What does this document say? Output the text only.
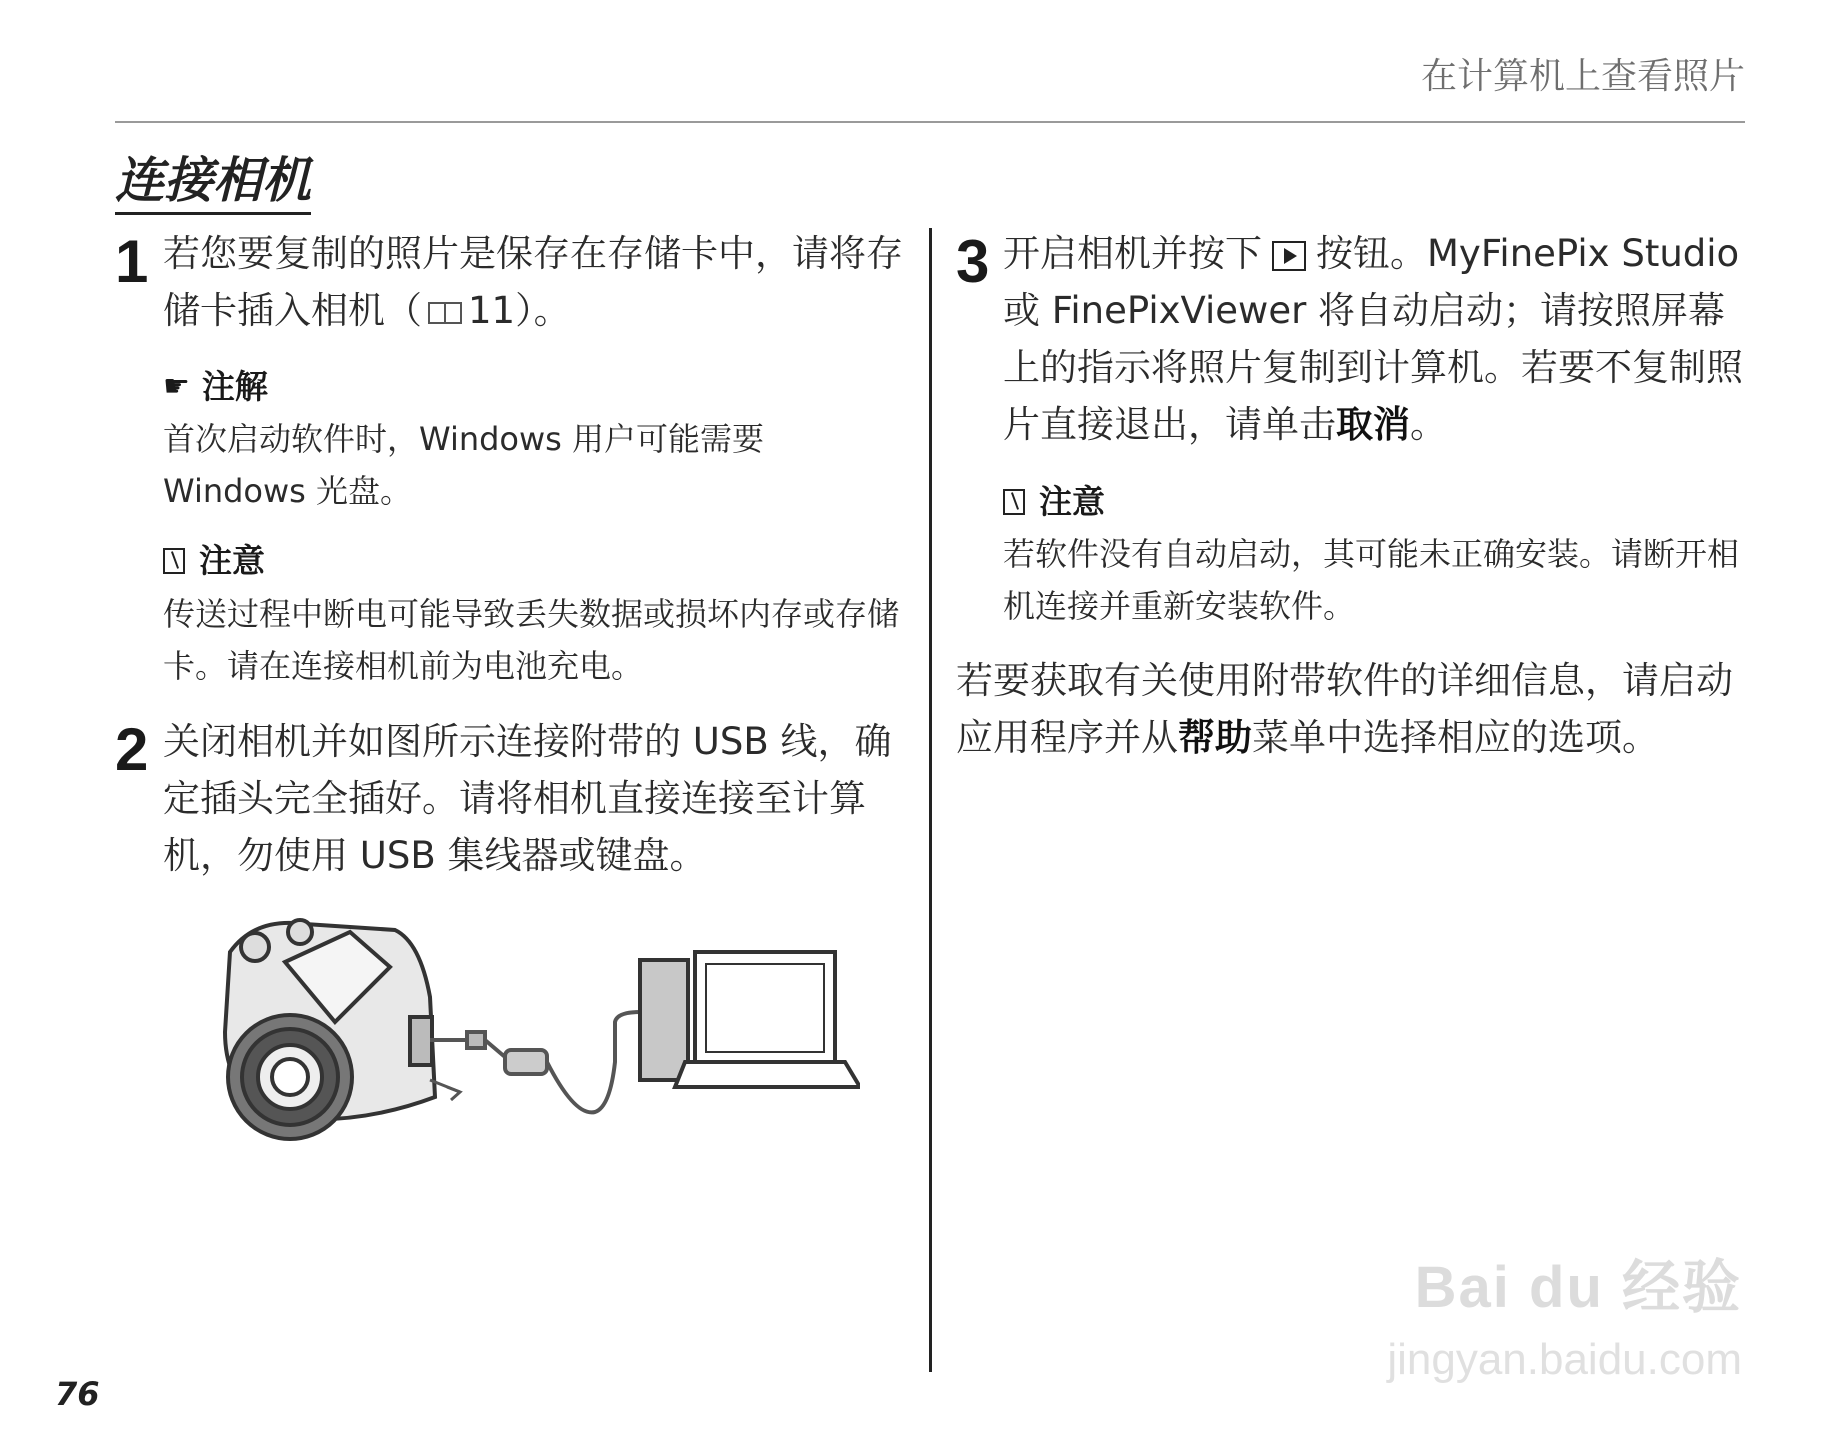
在计算机上查看照片
连接相机
1 若您要复制的照片是保存在存储卡中，请将存储卡插入相机（ 11）。
☛ 注解
首次启动软件时，Windows 用户可能需要 Windows 光盘。
注意
传送过程中断电可能导致丢失数据或损坏内存或存储卡。请在连接相机前为电池充电。
2 关闭相机并如图所示连接附带的 USB 线，确定插头完全插好。请将相机直接连接至计算机，勿使用 USB 集线器或键盘。
3 开启相机并按下 按钮。MyFinePix Studio 或 FinePixViewer 将自动启动；请按照屏幕上的指示将照片复制到计算机。若要不复制照片直接退出，请单击取消。
注意
若软件没有自动启动，其可能未正确安装。请断开相机连接并重新安装软件。
若要获取有关使用附带软件的详细信息，请启动应用程序并从帮助菜单中选择相应的选项。
76
Bai du 经验
jingyan.baidu.com
